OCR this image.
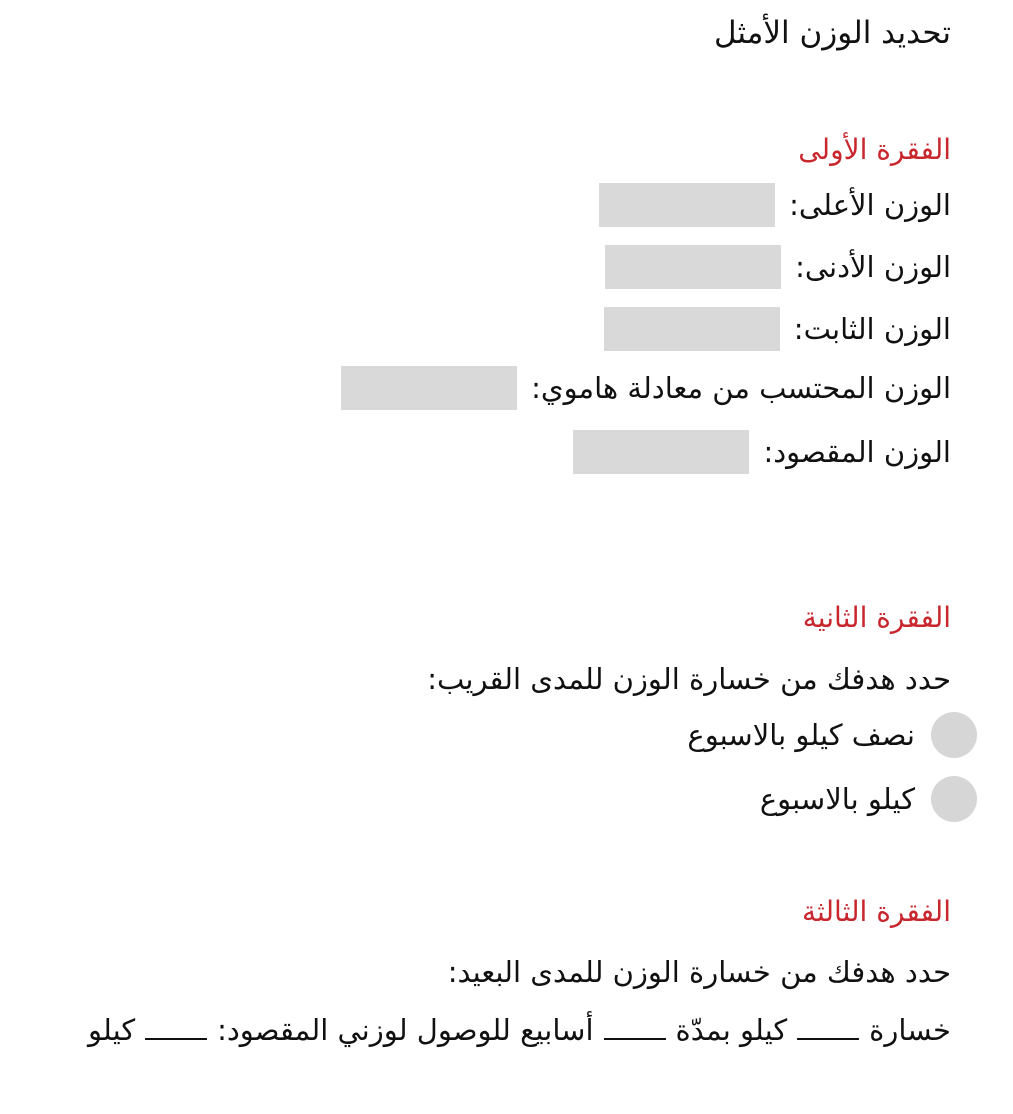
تحديد الوزن الأمثل
الفقرة الأولى
الوزن الأعلى:
الوزن الأدنى:
الوزن الثابت:
الوزن المحتسب من معادلة هاموي:
الوزن المقصود:
الفقرة الثانية
حدد هدفك من خسارة الوزن للمدى القريب:
نصف كيلو بالاسبوع
كيلو بالاسبوع
الفقرة الثالثة
حدد هدفك من خسارة الوزن للمدى البعيد:
خسارة
كيلو بمدّة
أسابيع للوصول لوزني المقصود:
كيلو
